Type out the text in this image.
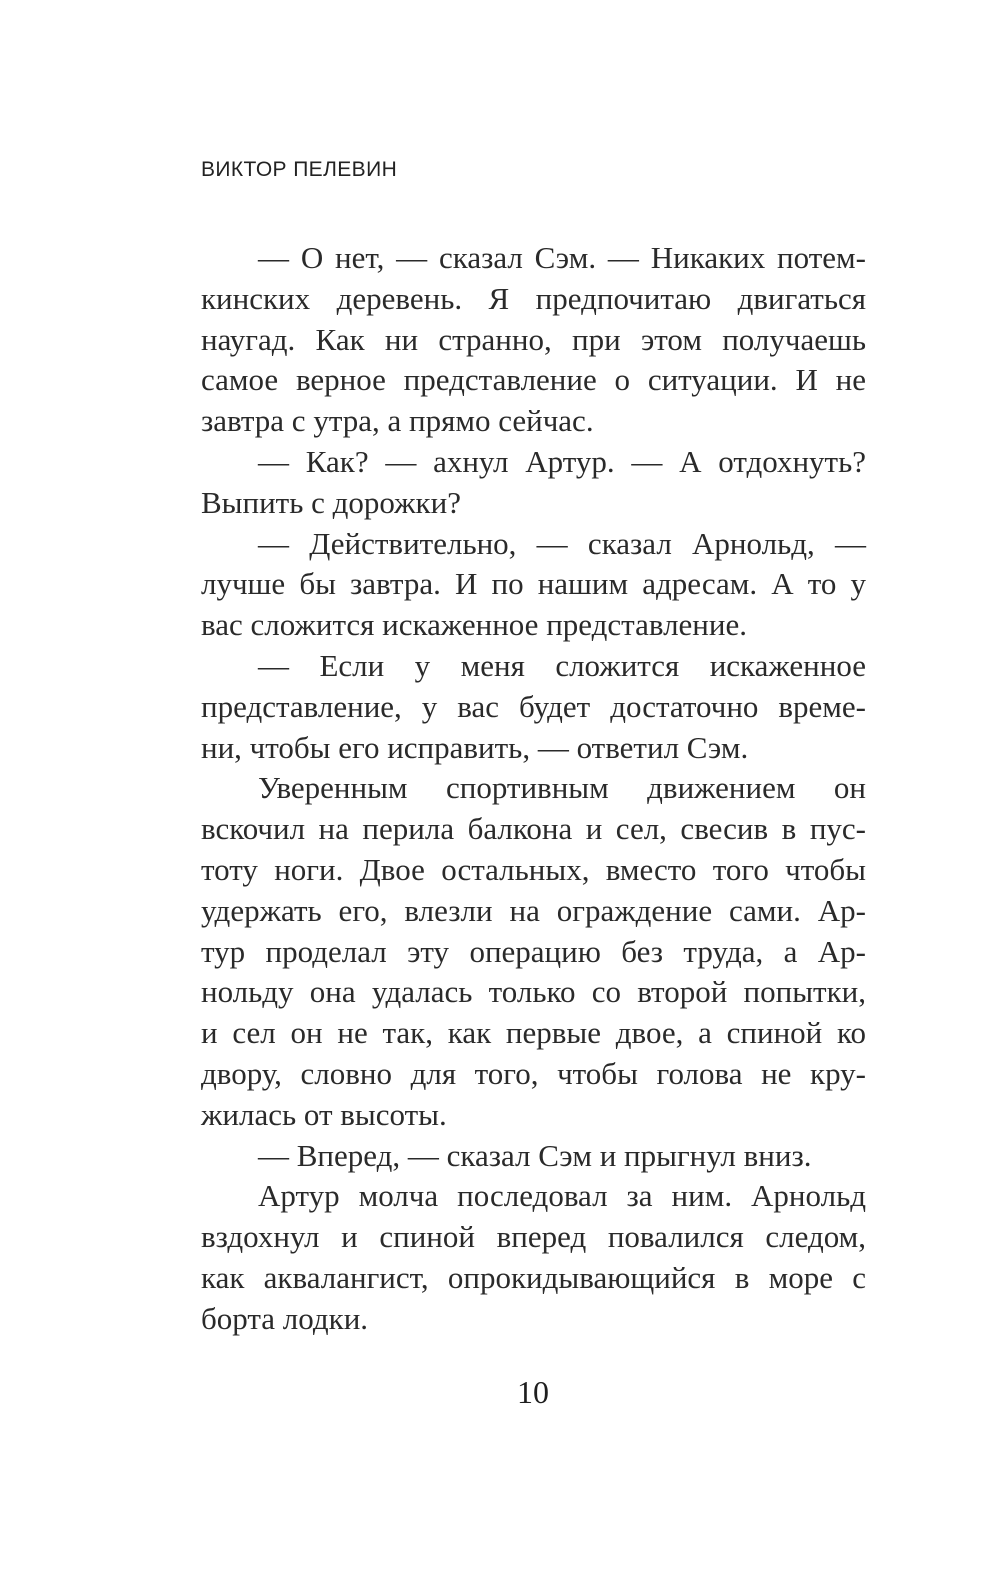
ВИКТОР ПЕЛЕВИН
— О нет, — сказал Сэм. — Никаких потем-
кинских деревень. Я предпочитаю двигаться
наугад. Как ни странно, при этом получаешь
самое верное представление о ситуации. И не
завтра с утра, а прямо сейчас.
— Как? — ахнул Артур. — А отдохнуть?
Выпить с дорожки?
— Действительно, — сказал Арнольд, —
лучше бы завтра. И по нашим адресам. А то у
вас сложится искаженное представление.
— Если у меня сложится искаженное
представление, у вас будет достаточно време-
ни, чтобы его исправить, — ответил Сэм.
Уверенным спортивным движением он
вскочил на перила балкона и сел, свесив в пус-
тоту ноги. Двое остальных, вместо того чтобы
удержать его, влезли на ограждение сами. Ар-
тур проделал эту операцию без труда, а Ар-
нольду она удалась только со второй попытки,
и сел он не так, как первые двое, а спиной ко
двору, словно для того, чтобы голова не кру-
жилась от высоты.
— Вперед, — сказал Сэм и прыгнул вниз.
Артур молча последовал за ним. Арнольд
вздохнул и спиной вперед повалился следом,
как аквалангист, опрокидывающийся в море с
борта лодки.
10
